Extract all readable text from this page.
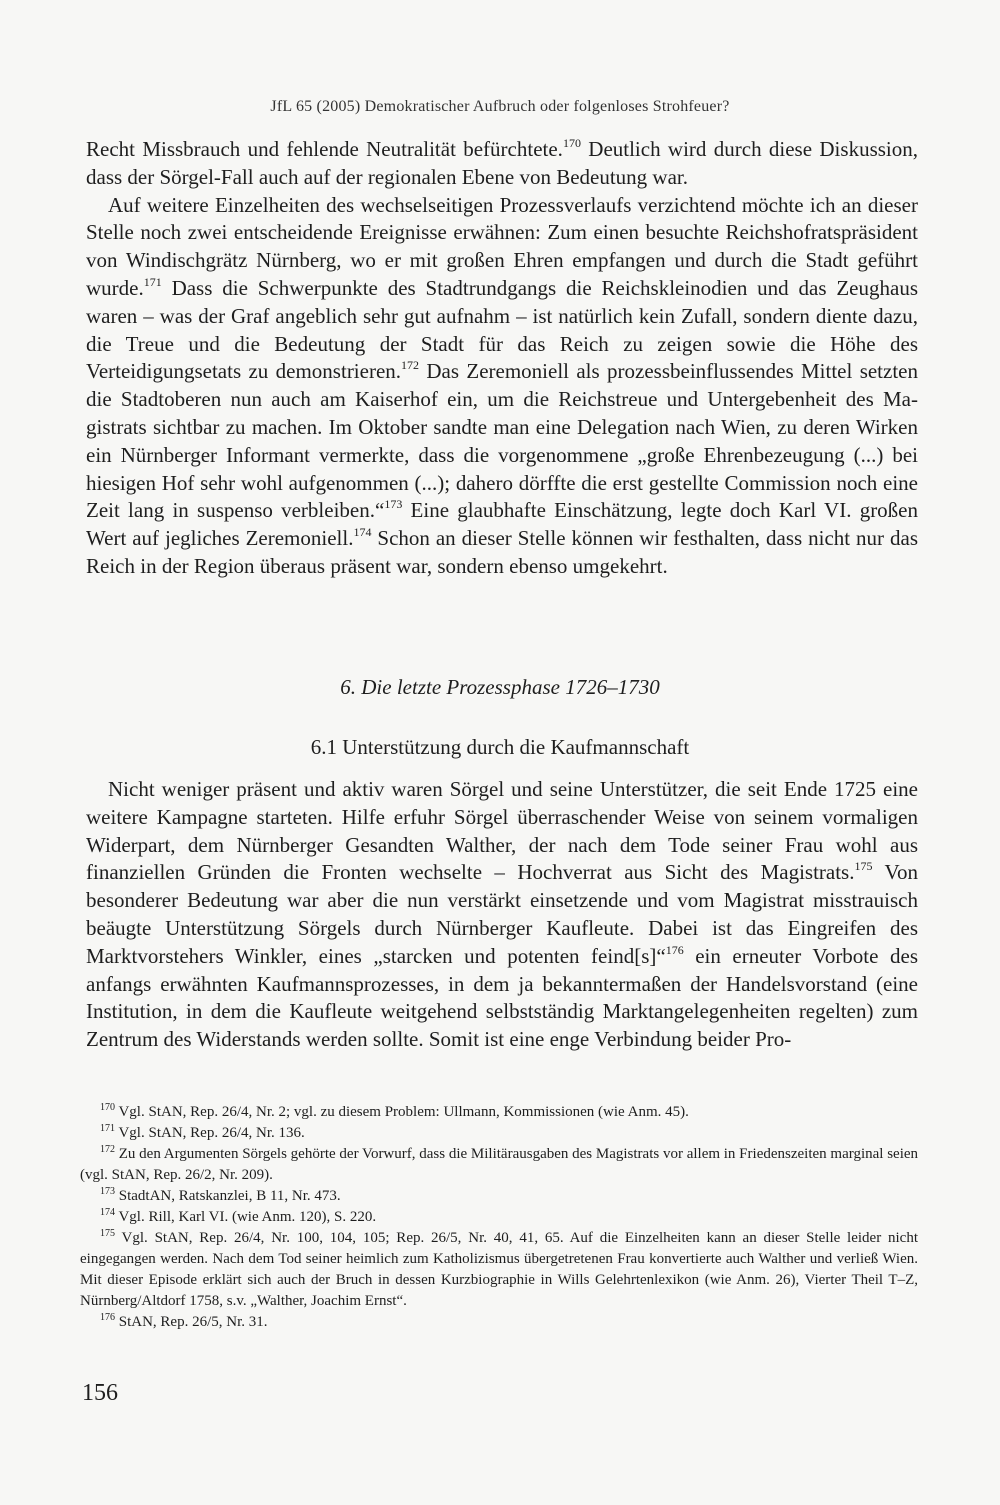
JfL 65 (2005) Demokratischer Aufbruch oder folgenloses Strohfeuer?

Recht Missbrauch und fehlende Neutralität befürchtete.$^{170}$ Deutlich wird durch diese Diskussion, dass der Sörgel-Fall auch auf der regionalen Ebene von Bedeutung war.

Auf weitere Einzelheiten des wechselseitigen Prozessverlaufs verzichtend möchte ich an dieser Stelle noch zwei entscheidende Ereignisse erwähnen: Zum einen besuchte Reichshofratspräsident von Windischgrätz Nürnberg, wo er mit großen Ehren empfangen und durch die Stadt geführt wurde.$^{171}$ Dass die Schwerpunkte des Stadtrundgangs die Reichskleinodien und das Zeughaus waren – was der Graf angeblich sehr gut aufnahm – ist natürlich kein Zufall, sondern diente dazu, die Treue und die Bedeutung der Stadt für das Reich zu zeigen sowie die Höhe des Verteidigungsetats zu demonstrieren.$^{172}$ Das Zeremoniell als prozessbeinflussendes Mittel setzten die Stadtoberen nun auch am Kaiserhof ein, um die Reichstreue und Untergebenheit des Magistrats sichtbar zu machen. Im Oktober sandte man eine Delegation nach Wien, zu deren Wirken ein Nürnberger Informant vermerkte, dass die vorgenommene „große Ehrenbezeugung (...) bei hiesigen Hof sehr wohl aufgenommen (...); dahero dörffte die erst gestellte Commission noch eine Zeit lang in suspenso verbleiben.“$^{173}$ Eine glaubhafte Einschätzung, legte doch Karl VI. großen Wert auf jegliches Zeremoniell.$^{174}$ Schon an dieser Stelle können wir festhalten, dass nicht nur das Reich in der Region überaus präsent war, sondern ebenso umgekehrt.

6. Die letzte Prozessphase 1726–1730
6.1 Unterstützung durch die Kaufmannschaft

Nicht weniger präsent und aktiv waren Sörgel und seine Unterstützer, die seit Ende 1725 eine weitere Kampagne starteten. Hilfe erfuhr Sörgel überraschender Weise von seinem vormaligen Widerpart, dem Nürnberger Gesandten Walther, der nach dem Tode seiner Frau wohl aus finanziellen Gründen die Fronten wechselte – Hochverrat aus Sicht des Magistrats.$^{175}$ Von besonderer Bedeutung war aber die nun verstärkt einsetzende und vom Magistrat misstrauisch beäugte Unterstützung Sörgels durch Nürnberger Kaufleute. Dabei ist das Eingreifen des Marktvorstehers Winkler, eines „starcken und potenten feind[s]“$^{176}$ ein erneuter Vorbote des anfangs erwähnten Kaufmannsprozesses, in dem ja bekanntermaßen der Handelsvorstand (eine Institution, in dem die Kaufleute weitgehend selbstständig Marktangelegenheiten regelten) zum Zentrum des Widerstands werden sollte. Somit ist eine enge Verbindung beider Pro-

$^{170}$ Vgl. StAN, Rep. 26/4, Nr. 2; vgl. zu diesem Problem: Ullmann, Kommissionen (wie Anm. 45).

$^{171}$ Vgl. StAN, Rep. 26/4, Nr. 136.

$^{172}$ Zu den Argumenten Sörgels gehörte der Vorwurf, dass die Militärausgaben des Magistrats vor allem in Friedenszeiten marginal seien (vgl. StAN, Rep. 26/2, Nr. 209).

$^{173}$ StadtAN, Ratskanzlei, B 11, Nr. 473.

$^{174}$ Vgl. Rill, Karl VI. (wie Anm. 120), S. 220.

$^{175}$ Vgl. StAN, Rep. 26/4, Nr. 100, 104, 105; Rep. 26/5, Nr. 40, 41, 65. Auf die Einzelheiten kann an dieser Stelle leider nicht eingegangen werden. Nach dem Tod seiner heimlich zum Katholizismus übergetretenen Frau konvertierte auch Walther und verließ Wien. Mit dieser Episode erklärt sich auch der Bruch in dessen Kurzbiographie in Wills Gelehrtenlexikon (wie Anm. 26), Vierter Theil T–Z, Nürnberg/Altdorf 1758, s.v. „Walther, Joachim Ernst“.

$^{176}$ StAN, Rep. 26/5, Nr. 31.

156
